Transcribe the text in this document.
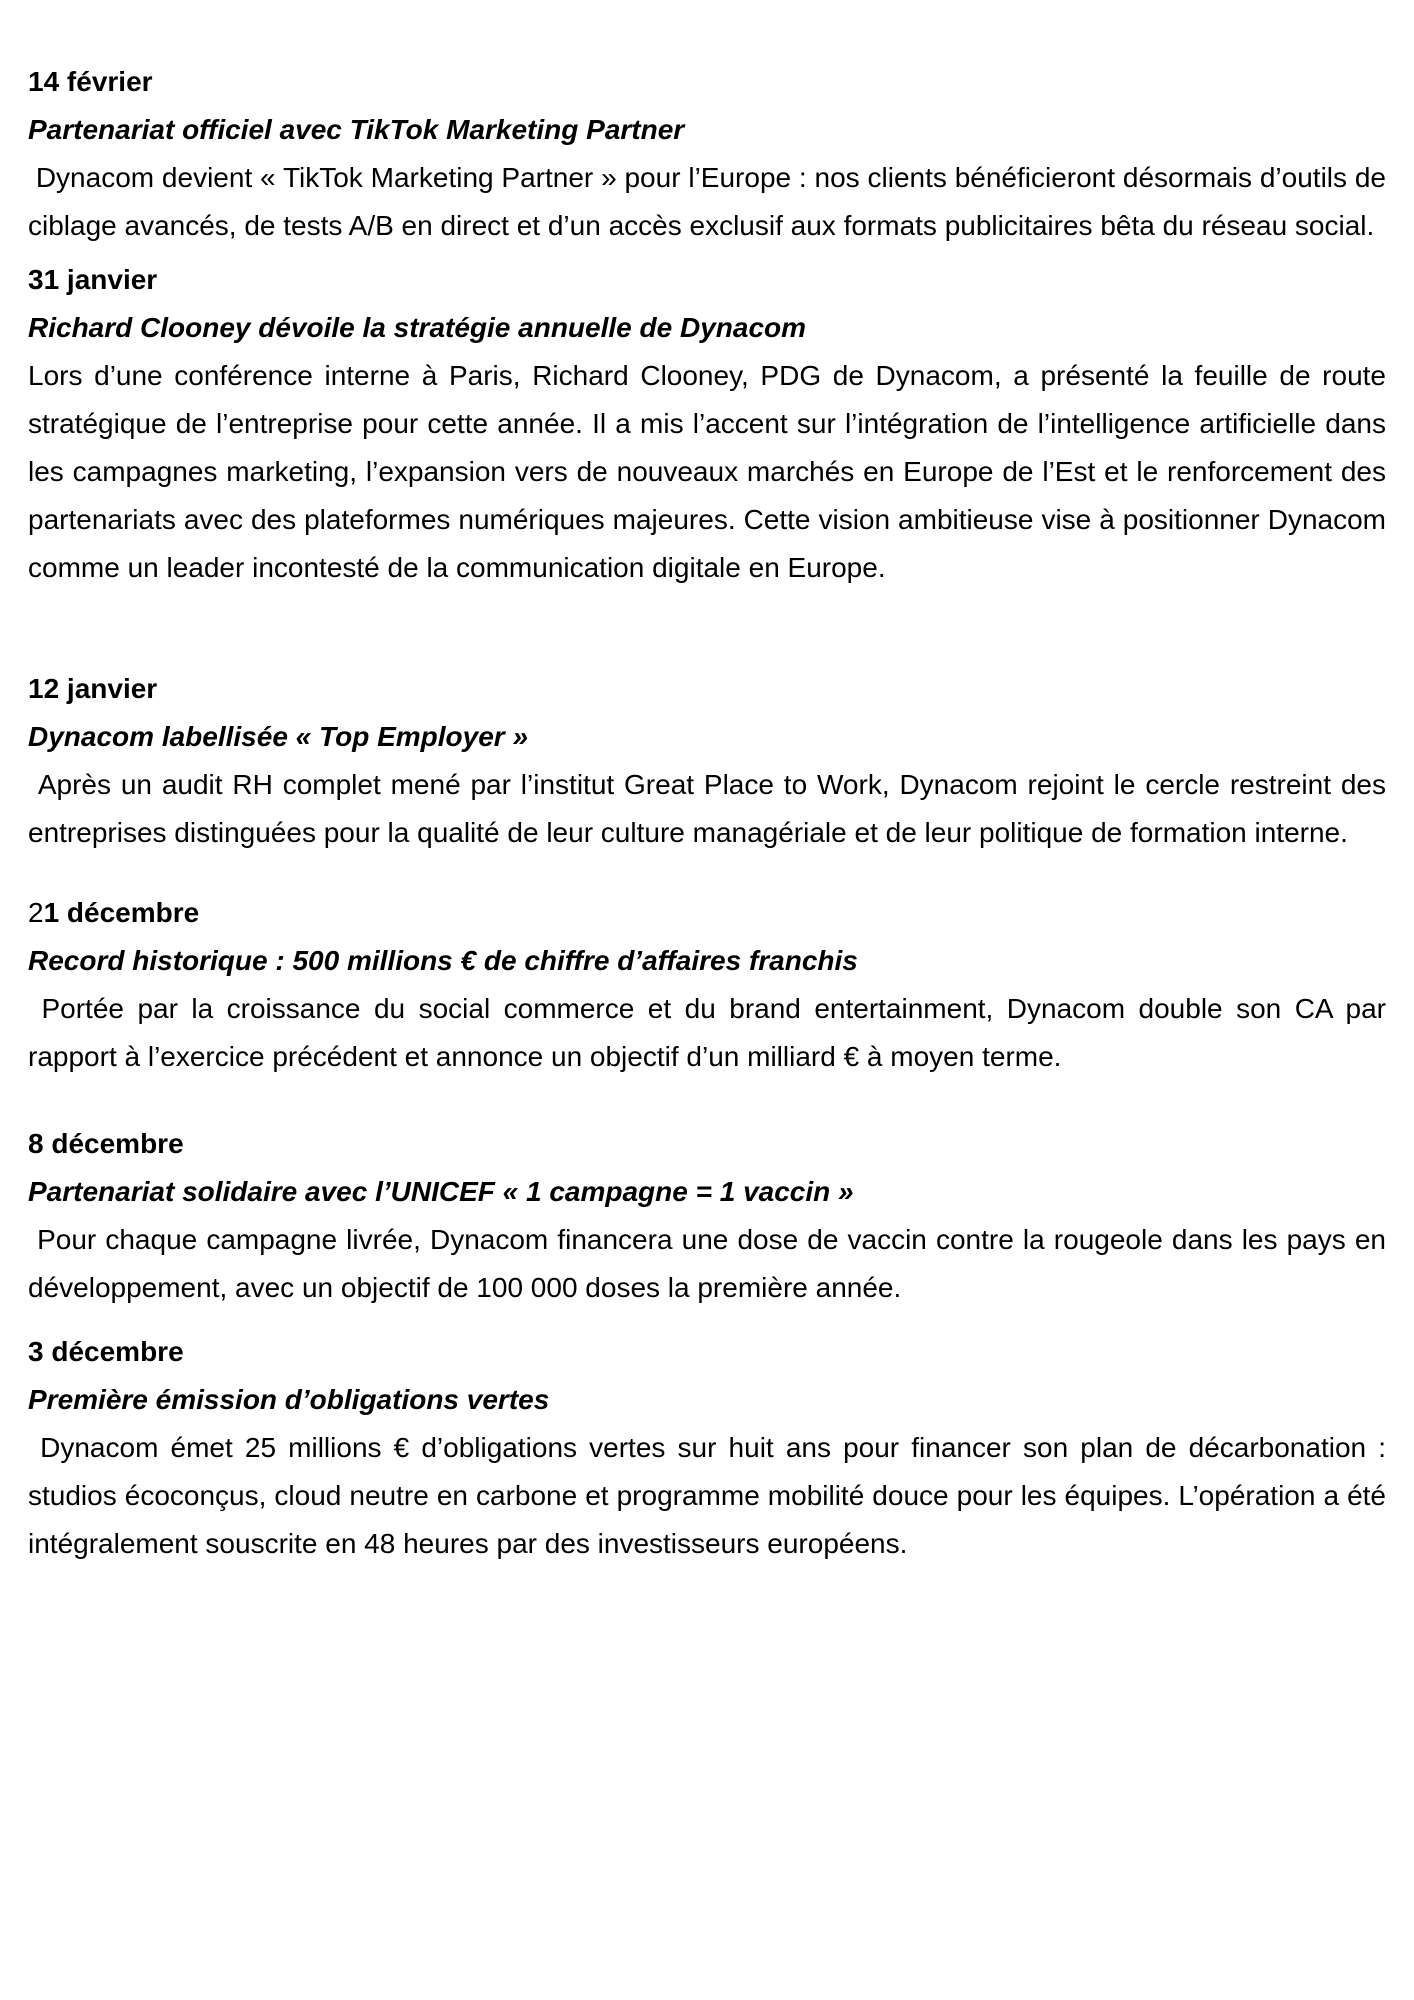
14 février
Partenariat officiel avec TikTok Marketing Partner

Dynacom devient « TikTok Marketing Partner » pour l’Europe : nos clients bénéficieront désormais d’outils de ciblage avancés, de tests A/B en direct et d’un accès exclusif aux formats publicitaires bêta du réseau social.

31 janvier
Richard Clooney dévoile la stratégie annuelle de Dynacom

Lors d’une conférence interne à Paris, Richard Clooney, PDG de Dynacom, a présenté la feuille de route stratégique de l’entreprise pour cette année. Il a mis l’accent sur l’intégration de l’intelligence artificielle dans les campagnes marketing, l’expansion vers de nouveaux marchés en Europe de l’Est et le renforcement des partenariats avec des plateformes numériques majeures. Cette vision ambitieuse vise à positionner Dynacom comme un leader incontesté de la communication digitale en Europe.

12 janvier
Dynacom labellisée « Top Employer »

Après un audit RH complet mené par l’institut Great Place to Work, Dynacom rejoint le cercle restreint des entreprises distinguées pour la qualité de leur culture managériale et de leur politique de formation interne.

21 décembre
Record historique : 500 millions € de chiffre d’affaires franchis

Portée par la croissance du social commerce et du brand entertainment, Dynacom double son CA par rapport à l’exercice précédent et annonce un objectif d’un milliard € à moyen terme.

8 décembre
Partenariat solidaire avec l’UNICEF « 1 campagne = 1 vaccin »

Pour chaque campagne livrée, Dynacom financera une dose de vaccin contre la rougeole dans les pays en développement, avec un objectif de 100 000 doses la première année.

3 décembre
Première émission d’obligations vertes

Dynacom émet 25 millions € d’obligations vertes sur huit ans pour financer son plan de décarbonation : studios écoconçus, cloud neutre en carbone et programme mobilité douce pour les équipes. L’opération a été intégralement souscrite en 48 heures par des investisseurs européens.
